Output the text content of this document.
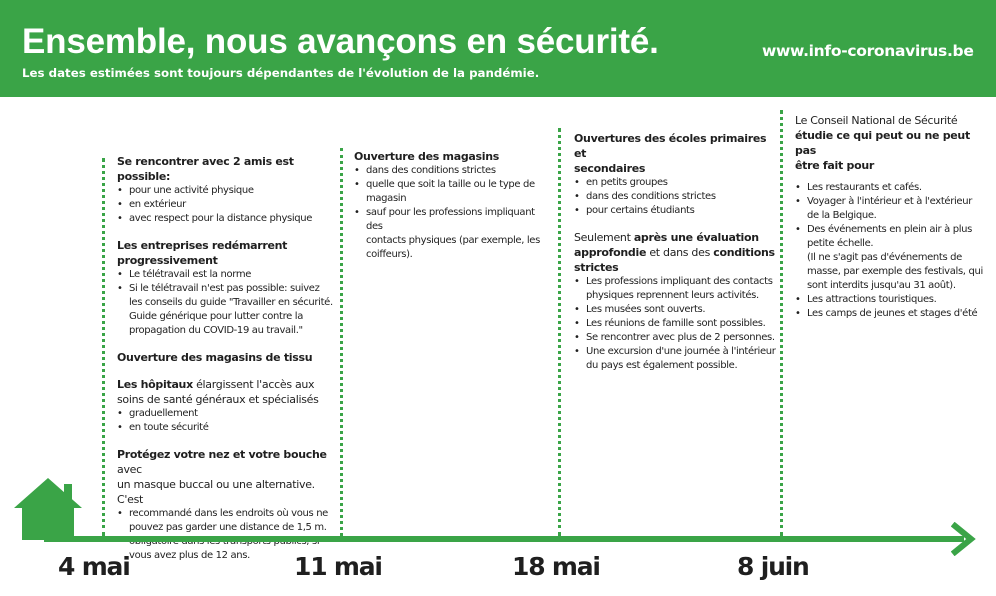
Ensemble, nous avançons en sécurité.
Les dates estimées sont toujours dépendantes de l'évolution de la pandémie.
www.info-coronavirus.be
Se rencontrer avec 2 amis est possible:
• pour une activité physique
• en extérieur
• avec respect pour la distance physique
Les entreprises redémarrent
progressivement
• Le télétravail est la norme
• Si le télétravail n'est pas possible: suivez
les conseils du guide "Travailler en sécurité.
Guide générique pour lutter contre la
propagation du COVID-19 au travail."
Ouverture des magasins de tissu
Les hôpitaux élargissent l'accès aux
soins de santé généraux et spécialisés
• graduellement
• en toute sécurité
Protégez votre nez et votre bouche avec
un masque buccal ou une alternative. C'est
• recommandé dans les endroits où vous ne
pouvez pas garder une distance de 1,5 m.
•
vous avez plus de 12 ans.
Ouverture des magasins
• dans des conditions strictes
• quelle que soit la taille ou le type de
magasin
• sauf pour les professions impliquant des
contacts physiques (par exemple, les
coiffeurs).
Ouvertures des écoles primaires et
secondaires
• en petits groupes
• dans des conditions strictes
• pour certains étudiants
Seulement après une évaluation
approfondie et dans des conditions
strictes
• Les professions impliquant des contacts
physiques reprennent leurs activités.
• Les musées sont ouverts.
• Les réunions de famille sont possibles.
• Se rencontrer avec plus de 2 personnes.
• Une excursion d'une journée à l'intérieur
du pays est également possible.
Le Conseil National de Sécurité
étudie ce qui peut ou ne peut pas
être fait pour
• Les restaurants et cafés.
• Voyager à l'intérieur et à l'extérieur
de la Belgique.
• Des événements en plein air à plus
petite échelle.
(Il ne s'agit pas d'événements de
masse, par exemple des festivals, qui
sont interdits jusqu'au 31 août).
• Les attractions touristiques.
• Les camps de jeunes et stages d'été
4 mai	11 mai	18 mai	8 juin
